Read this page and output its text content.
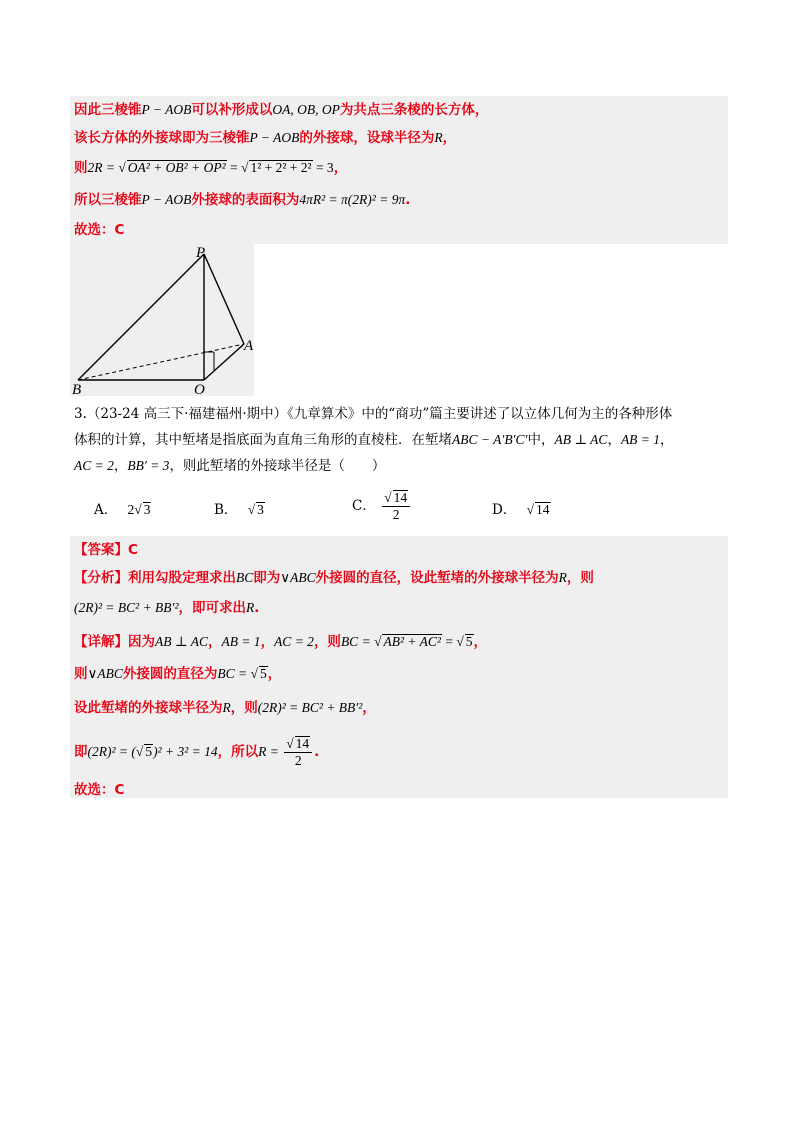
因此三棱锥P − AOB可以补形成以OA, OB, OP为共点三条棱的长方体，
该长方体的外接球即为三棱锥P − AOB的外接球，设球半径为R，
则2R = √ OA² + OB² + OP² = √ 1² + 2² + 2² = 3，
所以三棱锥P − AOB外接球的表面积为4πR² = π(2R)² = 9π.
故选：C
P
A
B	O
3.（23-24 高三下·福建福州·期中）《九章算术》中的“商功”篇主要讲述了以立体几何为主的各种形体
体积的计算，其中堑堵是指底面为直角三角形的直棱柱．在堑堵ABC − A′B′C′中，AB ⊥ AC，AB = 1，
AC = 2，BB′ = 3，则此堑堵的外接球半径是（　　）
A． 2√ 3	B． √ 3	C． $\frac{√ 14}{2}$	D． √ 14
【答案】C
【分析】利用勾股定理求出BC即为∨ABC外接圆的直径，设此堑堵的外接球半径为R，则
(2R)² = BC² + BB′²，即可求出R.
【详解】因为AB ⊥ AC，AB = 1，AC = 2，则BC = √ AB² + AC² = √ 5，
则∨ABC外接圆的直径为BC = √ 5，
设此堑堵的外接球半径为R，则(2R)² = BC² + BB′²，
即(2R)² = (√ 5)² + 3² = 14，所以$R = \frac{√ 14}{2}$ .
故选：C
